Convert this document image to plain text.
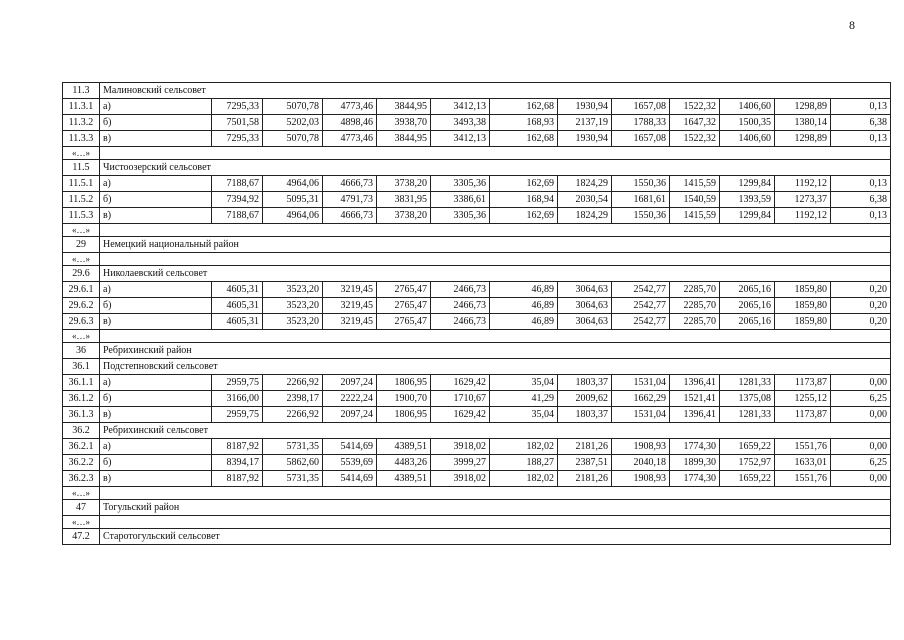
8
11.3	Малиновский сельсовет												
11.3.1	а)	7295,33	5070,78	4773,46	3844,95	3412,13	162,68	1930,94	1657,08	1522,32	1406,60	1298,89	0,13
11.3.2	б)	7501,58	5202,03	4898,46	3938,70	3493,38	168,93	2137,19	1788,33	1647,32	1500,35	1380,14	6,38
11.3.3	в)	7295,33	5070,78	4773,46	3844,95	3412,13	162,68	1930,94	1657,08	1522,32	1406,60	1298,89	0,13
«…»													
11.5	Чистоозерский сельсовет												
11.5.1	а)	7188,67	4964,06	4666,73	3738,20	3305,36	162,69	1824,29	1550,36	1415,59	1299,84	1192,12	0,13
11.5.2	б)	7394,92	5095,31	4791,73	3831,95	3386,61	168,94	2030,54	1681,61	1540,59	1393,59	1273,37	6,38
11.5.3	в)	7188,67	4964,06	4666,73	3738,20	3305,36	162,69	1824,29	1550,36	1415,59	1299,84	1192,12	0,13
«…»													
29	Немецкий национальный район												
«…»													
29.6	Николаевский сельсовет												
29.6.1	а)	4605,31	3523,20	3219,45	2765,47	2466,73	46,89	3064,63	2542,77	2285,70	2065,16	1859,80	0,20
29.6.2	б)	4605,31	3523,20	3219,45	2765,47	2466,73	46,89	3064,63	2542,77	2285,70	2065,16	1859,80	0,20
29.6.3	в)	4605,31	3523,20	3219,45	2765,47	2466,73	46,89	3064,63	2542,77	2285,70	2065,16	1859,80	0,20
«…»													
36	Ребрихинский район												
36.1	Подстепновский сельсовет												
36.1.1	а)	2959,75	2266,92	2097,24	1806,95	1629,42	35,04	1803,37	1531,04	1396,41	1281,33	1173,87	0,00
36.1.2	б)	3166,00	2398,17	2222,24	1900,70	1710,67	41,29	2009,62	1662,29	1521,41	1375,08	1255,12	6,25
36.1.3	в)	2959,75	2266,92	2097,24	1806,95	1629,42	35,04	1803,37	1531,04	1396,41	1281,33	1173,87	0,00
36.2	Ребрихинский сельсовет												
36.2.1	а)	8187,92	5731,35	5414,69	4389,51	3918,02	182,02	2181,26	1908,93	1774,30	1659,22	1551,76	0,00
36.2.2	б)	8394,17	5862,60	5539,69	4483,26	3999,27	188,27	2387,51	2040,18	1899,30	1752,97	1633,01	6,25
36.2.3	в)	8187,92	5731,35	5414,69	4389,51	3918,02	182,02	2181,26	1908,93	1774,30	1659,22	1551,76	0,00
«…»													
47	Тогульский район												
«…»													
47.2	Старотогульский сельсовет												
